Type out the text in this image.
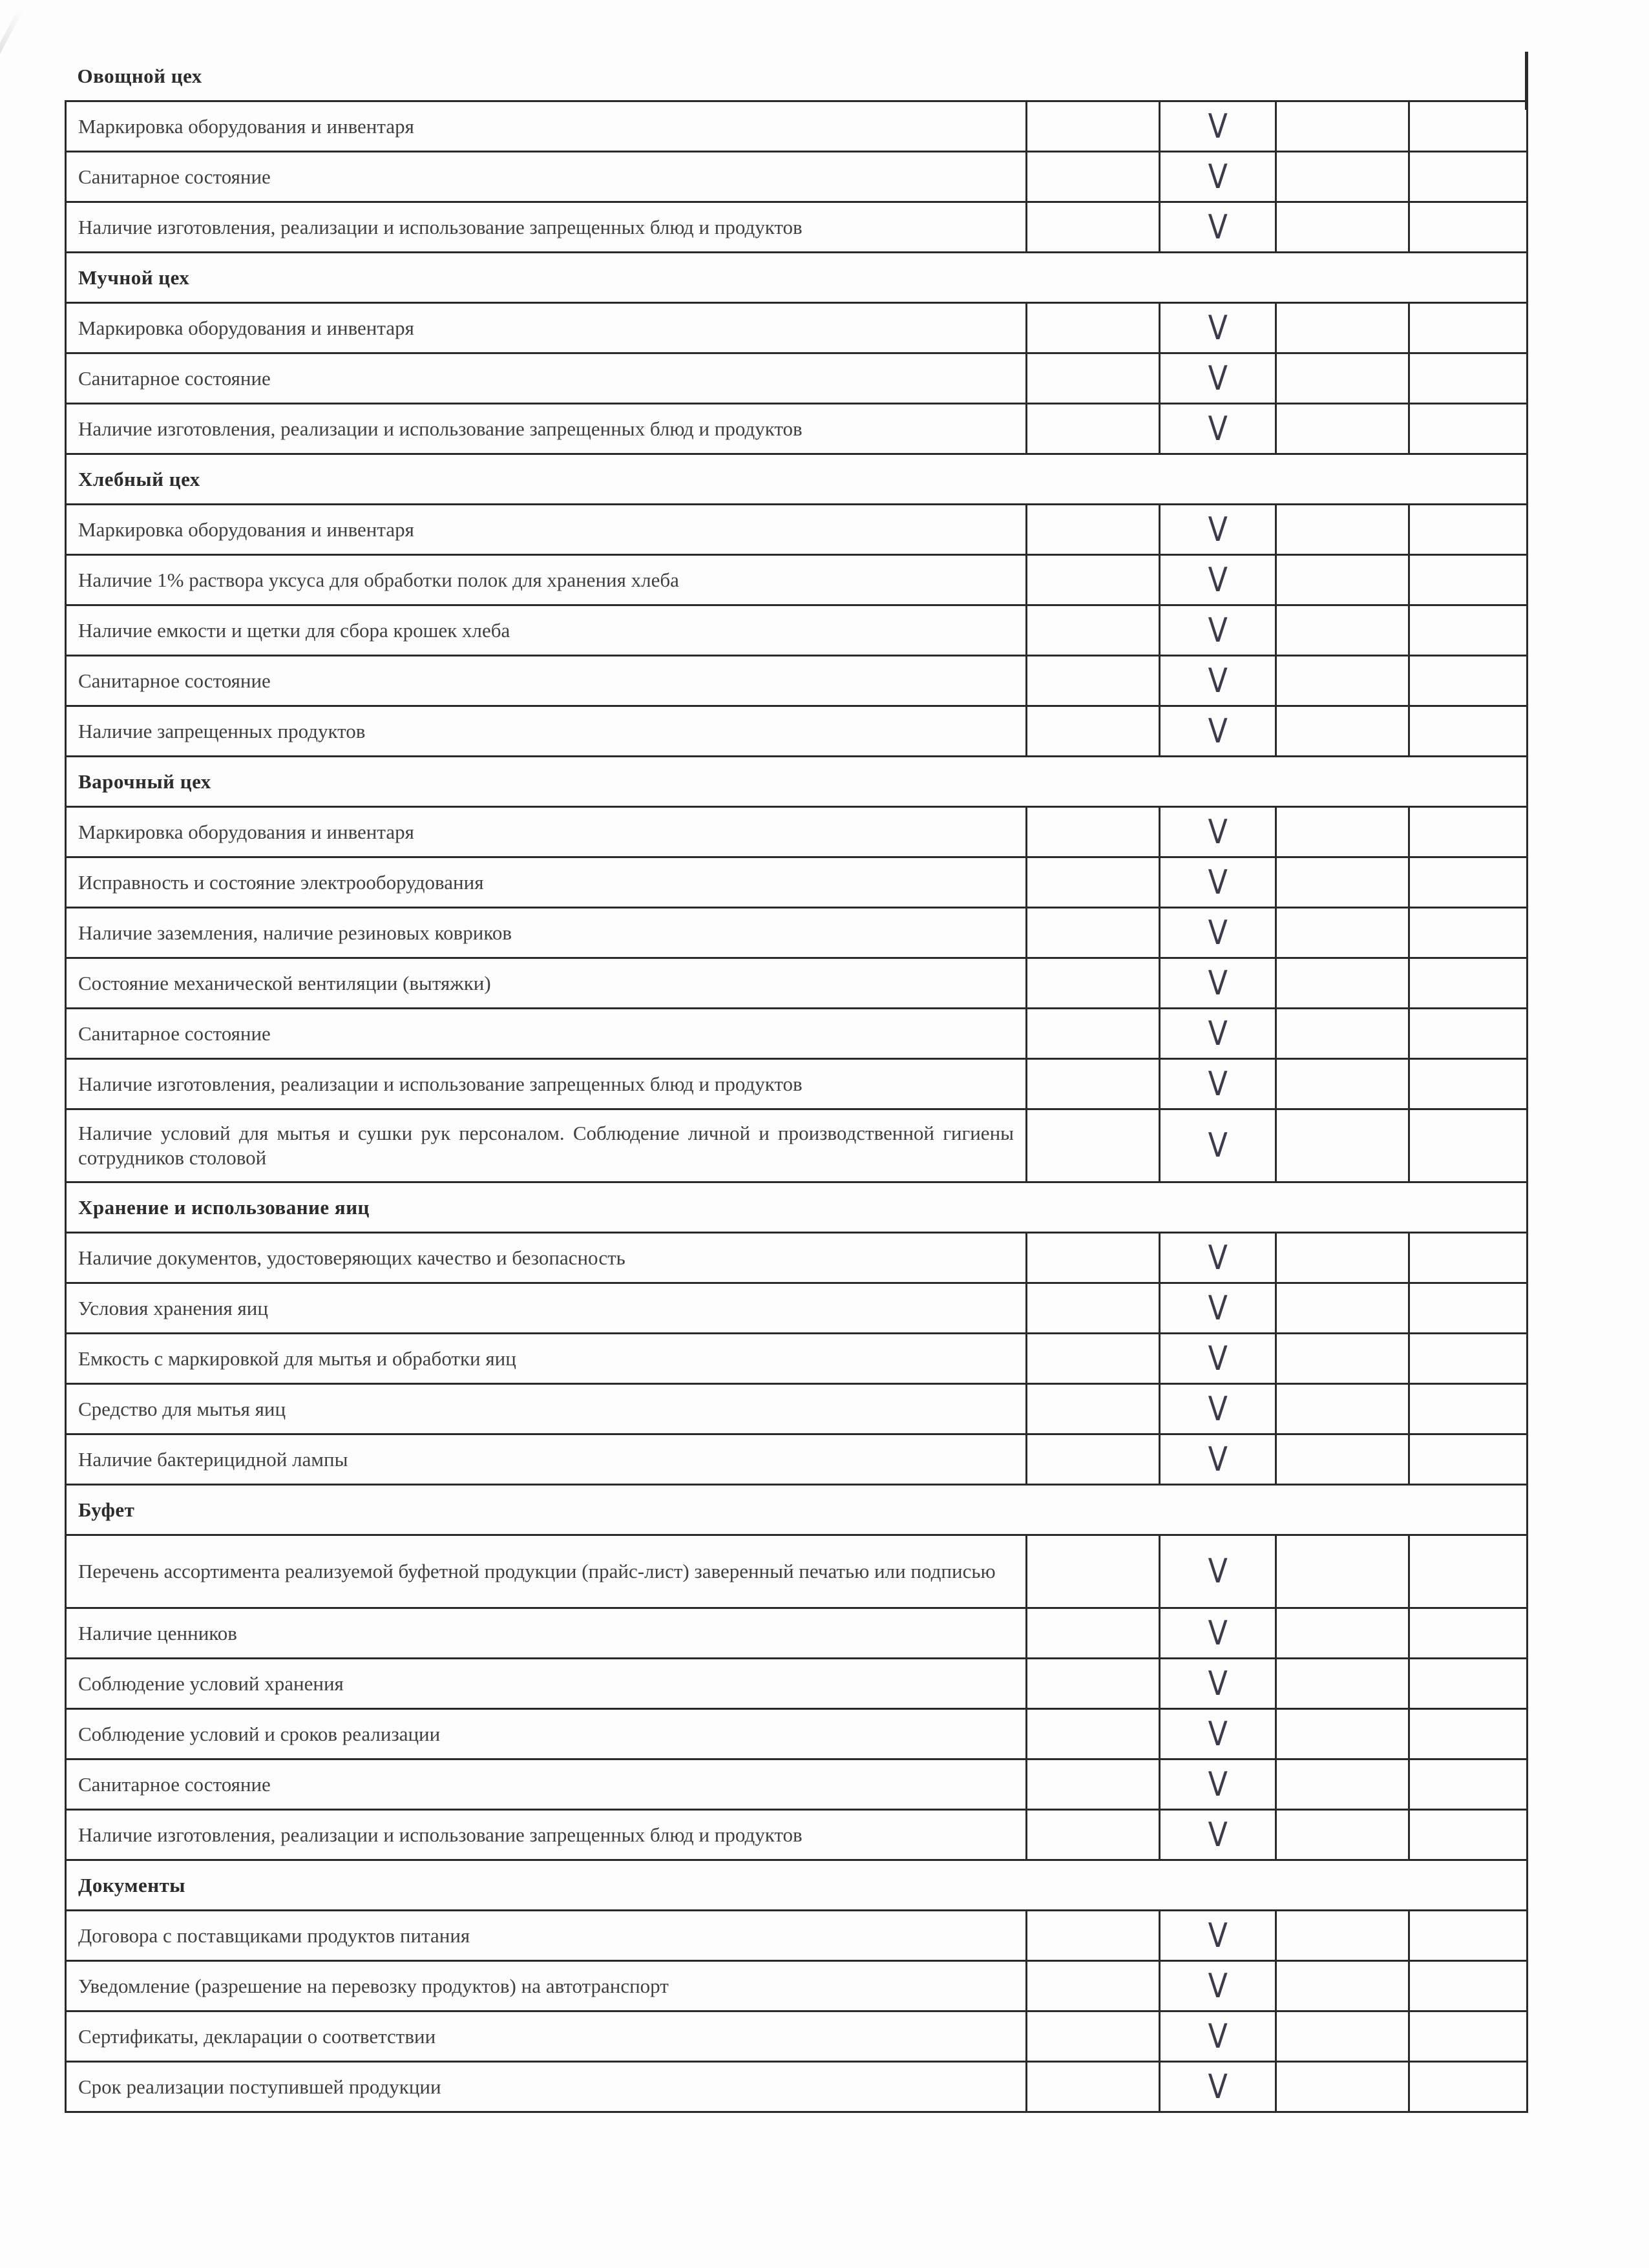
Овощной цех				
Маркировка оборудования и инвентаря		V		
Санитарное состояние		V		
Наличие изготовления, реализации и использование запрещенных блюд и продуктов		V		
Мучной цех				
Маркировка оборудования и инвентаря		V		
Санитарное состояние		V		
Наличие изготовления, реализации и использование запрещенных блюд и продуктов		V		
Хлебный цех				
Маркировка оборудования и инвентаря		V		
Наличие 1% раствора уксуса для обработки полок для хранения хлеба		V		
Наличие емкости и щетки для сбора крошек хлеба		V		
Санитарное состояние		V		
Наличие запрещенных продуктов		V		
Варочный цех				
Маркировка оборудования и инвентаря		V		
Исправность и состояние электрооборудования		V		
Наличие заземления, наличие резиновых ковриков		V		
Состояние механической вентиляции (вытяжки)		V		
Санитарное состояние		V		
Наличие изготовления, реализации и использование запрещенных блюд и продуктов		V		
Наличие условий для мытья и сушки рук персоналом. Соблюдение личной и производственной гигиены сотрудников столовой		V		
Хранение и использование яиц				
Наличие документов, удостоверяющих качество и безопасность		V		
Условия хранения яиц		V		
Емкость с маркировкой для мытья и обработки яиц		V		
Средство для мытья яиц		V		
Наличие бактерицидной лампы		V		
Буфет				
Перечень ассортимента реализуемой буфетной продукции (прайс-лист) заверенный печатью или подписью		V		
Наличие ценников		V		
Соблюдение условий хранения		V		
Соблюдение условий и сроков реализации		V		
Санитарное состояние		V		
Наличие изготовления, реализации и использование запрещенных блюд и продуктов		V		
Документы				
Договора с поставщиками продуктов питания		V		
Уведомление (разрешение на перевозку продуктов) на автотранспорт		V		
Сертификаты, декларации о соответствии		V		
Срок реализации поступившей продукции		V		
